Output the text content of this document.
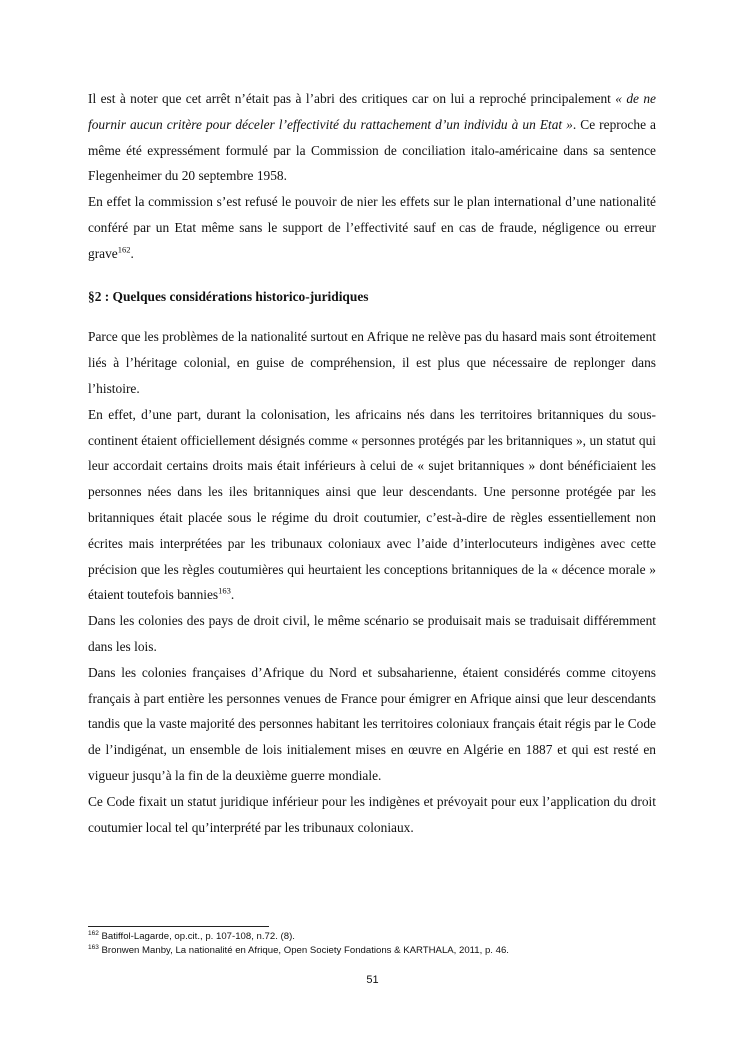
Il est à noter que cet arrêt n’était pas à l’abri des critiques car on lui a reproché principalement « de ne fournir aucun critère pour déceler l’effectivité du rattachement d’un individu à un Etat ». Ce reproche a même été expressément formulé par la Commission de conciliation italo-américaine dans sa sentence Flegenheimer du 20 septembre 1958.

En effet la commission s’est refusé le pouvoir de nier les effets sur le plan international d’une nationalité conféré par un Etat même sans le support de l’effectivité sauf en cas de fraude, négligence ou erreur grave$^{162}$.

§2 : Quelques considérations historico-juridiques

Parce que les problèmes de la nationalité surtout en Afrique ne relève pas du hasard mais sont étroitement liés à l’héritage colonial, en guise de compréhension, il est plus que nécessaire de replonger dans l’histoire.

En effet, d’une part, durant la colonisation, les africains nés dans les territoires britanniques du sous-continent étaient officiellement désignés comme « personnes protégés par les britanniques », un statut qui leur accordait certains droits mais était inférieurs à celui de « sujet britanniques » dont bénéficiaient les personnes nées dans les iles britanniques ainsi que leur descendants. Une personne protégée par les britanniques était placée sous le régime du droit coutumier, c’est-à-dire de règles essentiellement non écrites mais interprétées par les tribunaux coloniaux avec l’aide d’interlocuteurs indigènes avec cette précision que les règles coutumières qui heurtaient les conceptions britanniques de la « décence morale » étaient toutefois bannies$^{163}$.

Dans les colonies des pays de droit civil, le même scénario se produisait mais se traduisait différemment dans les lois.

Dans les colonies françaises d’Afrique du Nord et subsaharienne, étaient considérés comme citoyens français à part entière les personnes venues de France pour émigrer en Afrique ainsi que leur descendants tandis que la vaste majorité des personnes habitant les territoires coloniaux français était régis par le Code de l’indigénat, un ensemble de lois initialement mises en œuvre en Algérie en 1887 et qui est resté en vigueur jusqu’à la fin de la deuxième guerre mondiale.

Ce Code fixait un statut juridique inférieur pour les indigènes et prévoyait pour eux l’application du droit coutumier local tel qu’interprété par les tribunaux coloniaux.

$^{162}$ Batiffol-Lagarde, op.cit., p. 107-108, n.72. (8).
$^{163}$ Bronwen Manby, La nationalité en Afrique, Open Society Fondations & KARTHALA, 2011, p. 46.
51
